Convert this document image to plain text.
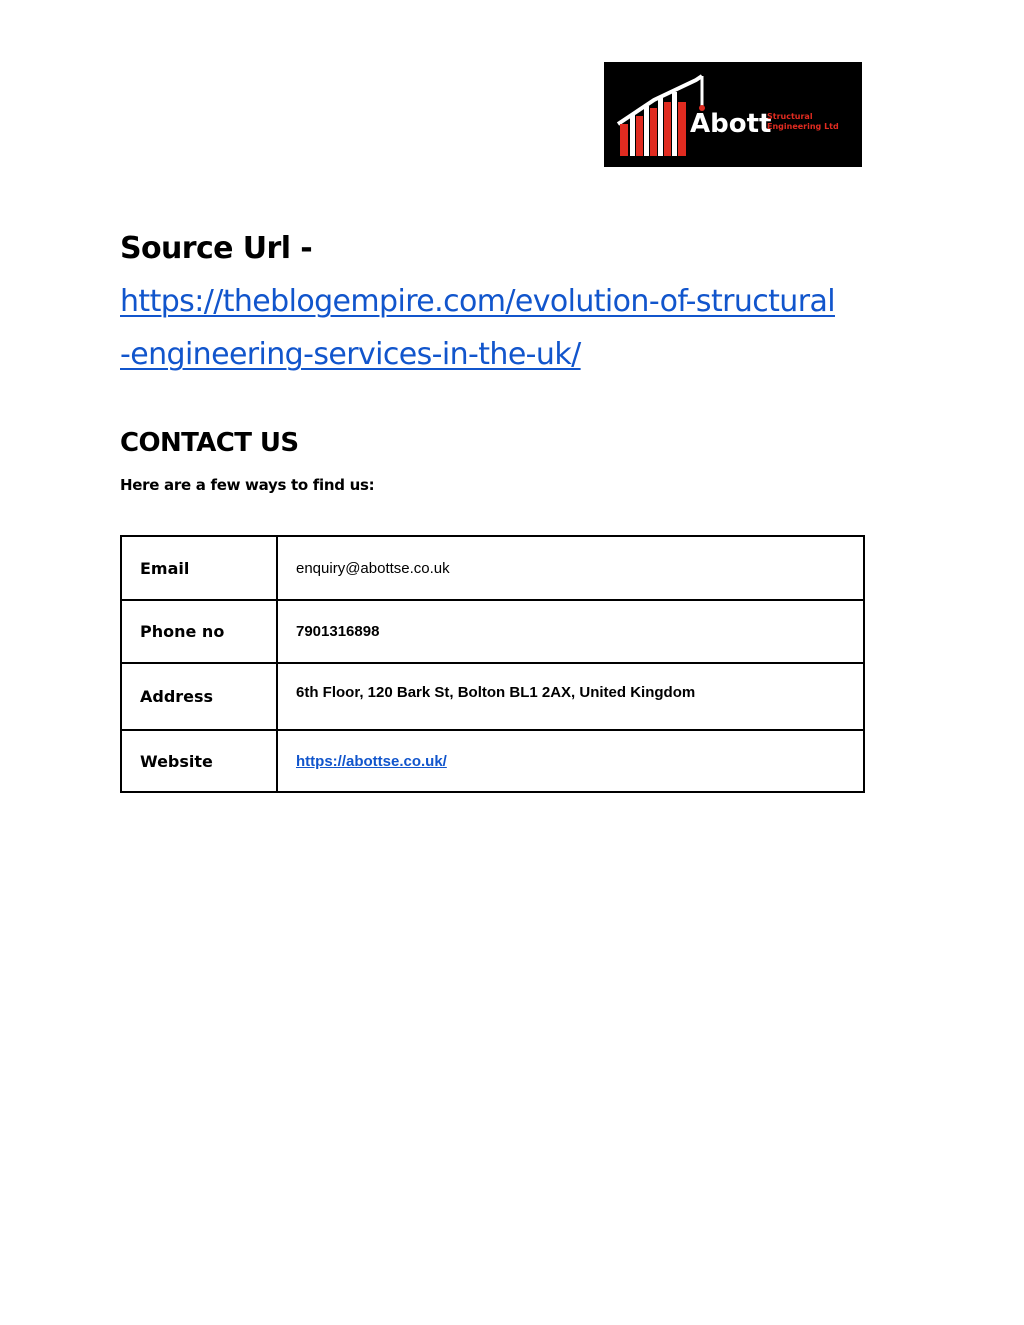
Abott
Structural
Engineering Ltd
Source Url -
https://theblogempire.com/evolution-of-structural
-engineering-services-in-the-uk/
CONTACT US

Here are a few ways to find us:

Email	enquiry@abottse.co.uk
Phone no	7901316898
Address	6th Floor, 120 Bark St, Bolton BL1 2AX, United Kingdom
Website	https://abottse.co.uk/
